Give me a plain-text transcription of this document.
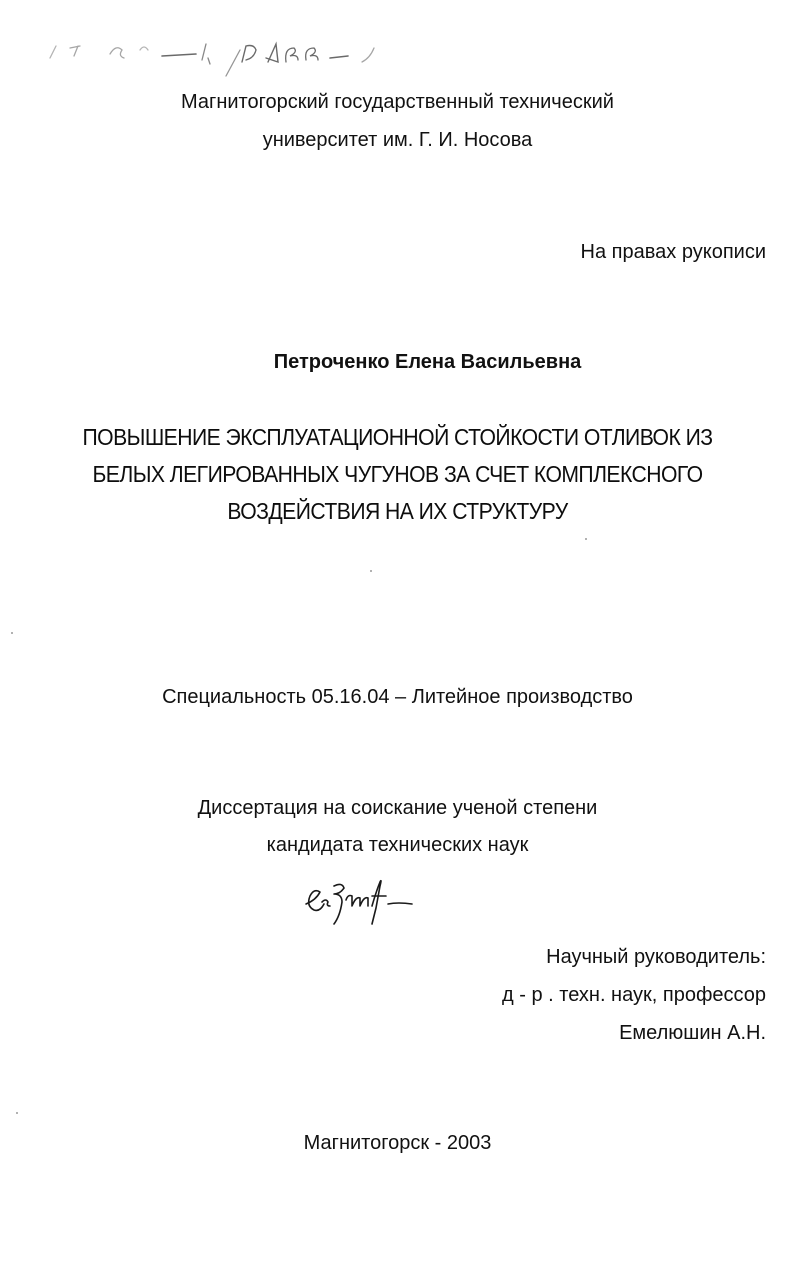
Магнитогорский государственный технический
университет им. Г. И. Носова
На правах рукописи
Петроченко Елена Васильевна
ПОВЫШЕНИЕ ЭКСПЛУАТАЦИОННОЙ СТОЙКОСТИ ОТЛИВОК ИЗ
БЕЛЫХ ЛЕГИРОВАННЫХ ЧУГУНОВ ЗА СЧЕТ КОМПЛЕКСНОГО
ВОЗДЕЙСТВИЯ НА ИХ СТРУКТУРУ
Специальность 05.16.04 – Литейное производство
Диссертация на соискание ученой степени
кандидата технических наук
Научный руководитель:
д - р . техн. наук, профессор
Емелюшин А.Н.
Магнитогорск - 2003
